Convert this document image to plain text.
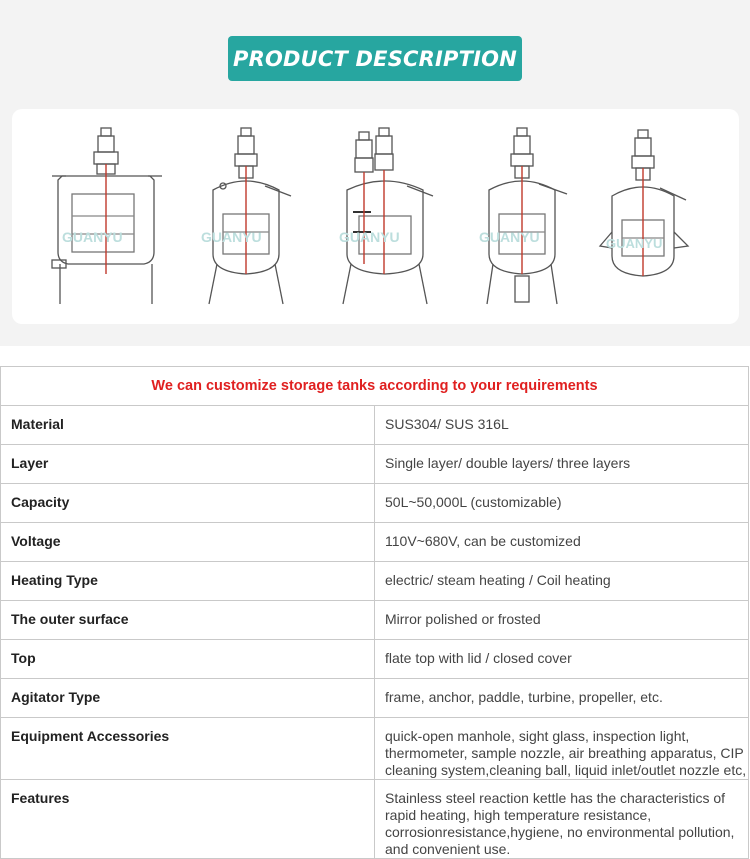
PRODUCT DESCRIPTION
GUANYU	GUANYU	GUANYU	GUANYU	GUANYU
We can customize storage tanks according to your requirements	
Material	SUS304/ SUS 316L
Layer	Single layer/ double layers/ three layers
Capacity	50L~50,000L (customizable)
Voltage	110V~680V, can be customized
Heating Type	electric/ steam heating / Coil heating
The outer surface	Mirror polished or frosted
Top	flate top with lid / closed cover
Agitator Type	frame, anchor, paddle, turbine, propeller, etc.
Equipment Accessories	quick-open manhole, sight glass, inspection light, thermometer, sample nozzle, air breathing apparatus, CIP cleaning system,cleaning ball, liquid inlet/outlet nozzle etc,
Features	Stainless steel reaction kettle has the characteristics of rapid heating, high temperature resistance, corrosionresistance,hygiene, no environmental pollution, and convenient use.
